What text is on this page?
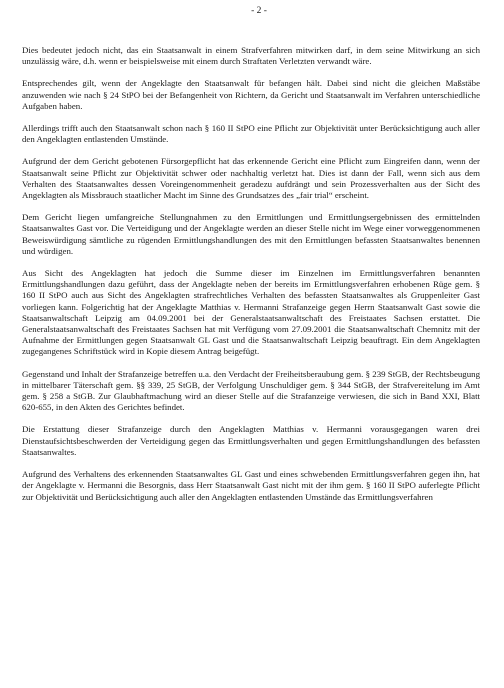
- 2 -

Dies bedeutet jedoch nicht, das ein Staatsanwalt in einem Strafverfahren mitwirken darf, in dem seine Mitwirkung an sich unzulässig wäre, d.h. wenn er beispielsweise mit einem durch Straftaten Verletzten verwandt wäre.

Entsprechendes gilt, wenn der Angeklagte den Staatsanwalt für befangen hält. Dabei sind nicht die gleichen Maßstäbe anzuwenden wie nach § 24 StPO bei der Befangenheit von Richtern, da Gericht und Staatsanwalt im Verfahren unterschiedliche Aufgaben haben.

Allerdings trifft auch den Staatsanwalt schon nach § 160 II StPO eine Pflicht zur Objektivität unter Berücksichtigung auch aller den Angeklagten entlastenden Umstände.

Aufgrund der dem Gericht gebotenen Fürsorgepflicht hat das erkennende Gericht eine Pflicht zum Eingreifen dann, wenn der Staatsanwalt seine Pflicht zur Objektivität schwer oder nachhaltig verletzt hat. Dies ist dann der Fall, wenn sich aus dem Verhalten des Staatsanwaltes dessen Voreingenommenheit geradezu aufdrängt und sein Prozessverhalten aus der Sicht des Angeklagten als Missbrauch staatlicher Macht im Sinne des Grundsatzes des „fair trial“ erscheint.

Dem Gericht liegen umfangreiche Stellungnahmen zu den Ermittlungen und Ermittlungsergebnissen des ermittelnden Staatsanwaltes Gast vor. Die Verteidigung und der Angeklagte werden an dieser Stelle nicht im Wege einer vorweggenommenen Beweiswürdigung sämtliche zu rügenden Ermittlungshandlungen des mit den Ermittlungen befassten Staatsanwaltes benennen und würdigen.

Aus Sicht des Angeklagten hat jedoch die Summe dieser im Einzelnen im Ermittlungsverfahren benannten Ermittlungshandlungen dazu geführt, dass der Angeklagte neben der bereits im Ermittlungsverfahren erhobenen Rüge gem. § 160 II StPO auch aus Sicht des Angeklagten strafrechtliches Verhalten des befassten Staatsanwaltes als Gruppenleiter Gast vorliegen kann. Folgerichtig hat der Angeklagte Matthias v. Hermanni Strafanzeige gegen Herrn Staatsanwalt Gast sowie die Staatsanwaltschaft Leipzig am 04.09.2001 bei der Generalstaatsanwaltschaft des Freistaates Sachsen erstattet. Die Generalstaatsanwaltschaft des Freistaates Sachsen hat mit Verfügung vom 27.09.2001 die Staatsanwaltschaft Chemnitz mit der Aufnahme der Ermittlungen gegen Staatsanwalt GL Gast und die Staatsanwaltschaft Leipzig beauftragt. Ein dem Angeklagten zugegangenes Schriftstück wird in Kopie diesem Antrag beigefügt.

Gegenstand und Inhalt der Strafanzeige betreffen u.a. den Verdacht der Freiheitsberaubung gem. § 239 StGB, der Rechtsbeugung in mittelbarer Täterschaft gem. §§ 339, 25 StGB, der Verfolgung Unschuldiger gem. § 344 StGB, der Strafvereitelung im Amt gem. § 258 a StGB. Zur Glaubhaftmachung wird an dieser Stelle auf die Strafanzeige verwiesen, die sich in Band XXI, Blatt 620-655, in den Akten des Gerichtes befindet.

Die Erstattung dieser Strafanzeige durch den Angeklagten Matthias v. Hermanni vorausgegangen waren drei Dienstaufsichtsbeschwerden der Verteidigung gegen das Ermittlungsverhalten und gegen Ermittlungshandlungen des befassten Staatsanwaltes.

Aufgrund des Verhaltens des erkennenden Staatsanwaltes GL Gast und eines schwebenden Ermittlungsverfahren gegen ihn, hat der Angeklagte v. Hermanni die Besorgnis, dass Herr Staatsanwalt Gast nicht mit der ihm gem. § 160 II StPO auferlegte Pflicht zur Objektivität und Berücksichtigung auch aller den Angeklagten entlastenden Umstände das Ermittlungsverfahren
